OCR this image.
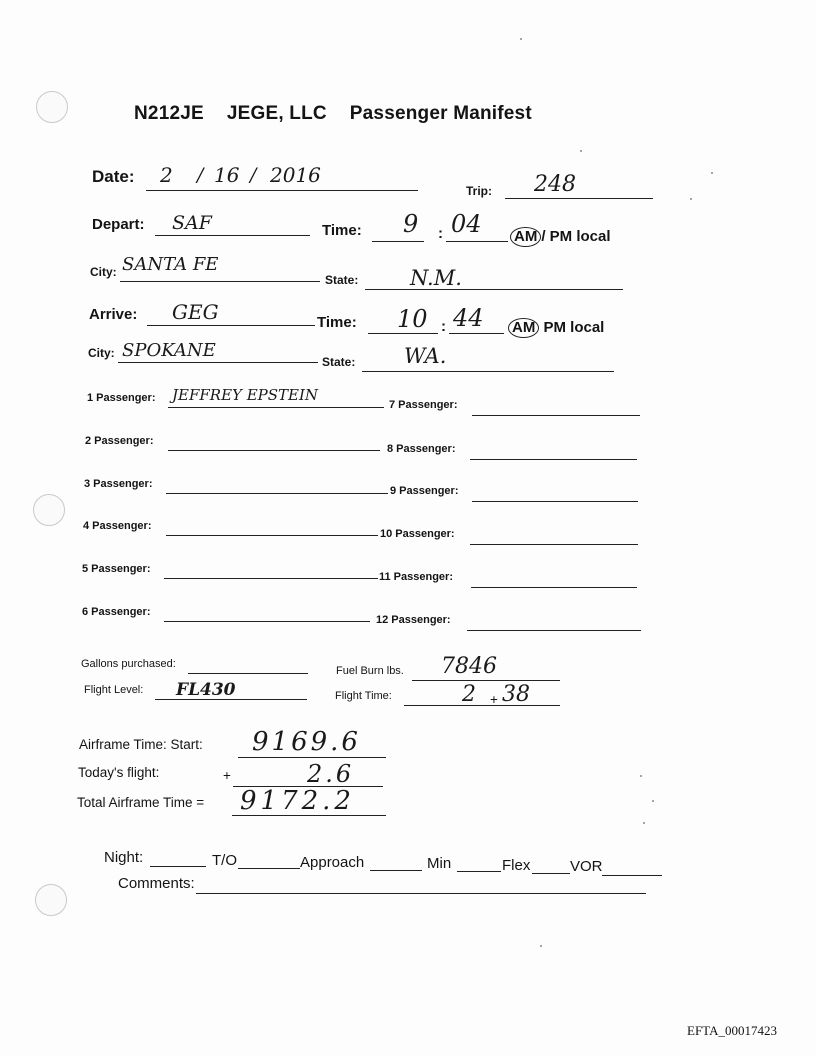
N212JE JEGE, LLC Passenger Manifest
Date: 2 / 16 / 2016
Trip: 248
Depart: SAF	Time: 9 : 04 AM / PM local
City: SANTA FE
State: N.M.
Arrive: GEG	Time: 10 : 44 AM PM local
City: SPOKANE
State: WA.
1 Passenger: JEFFREY EPSTEIN
2 Passenger:
3 Passenger:
4 Passenger:
5 Passenger:
6 Passenger:
7 Passenger:
8 Passenger:
9 Passenger:
10 Passenger:
11 Passenger:
12 Passenger:
Gallons purchased:
Fuel Burn lbs. 7846
Flight Level: FL430	Flight Time:	2 + 38
Airframe Time: Start: 9169.6
Today's flight:	+	2.6
Total Airframe Time = 9172.2
Night:	T/O	Approach	Min	Flex	VOR
Comments:
EFTA_00017423
